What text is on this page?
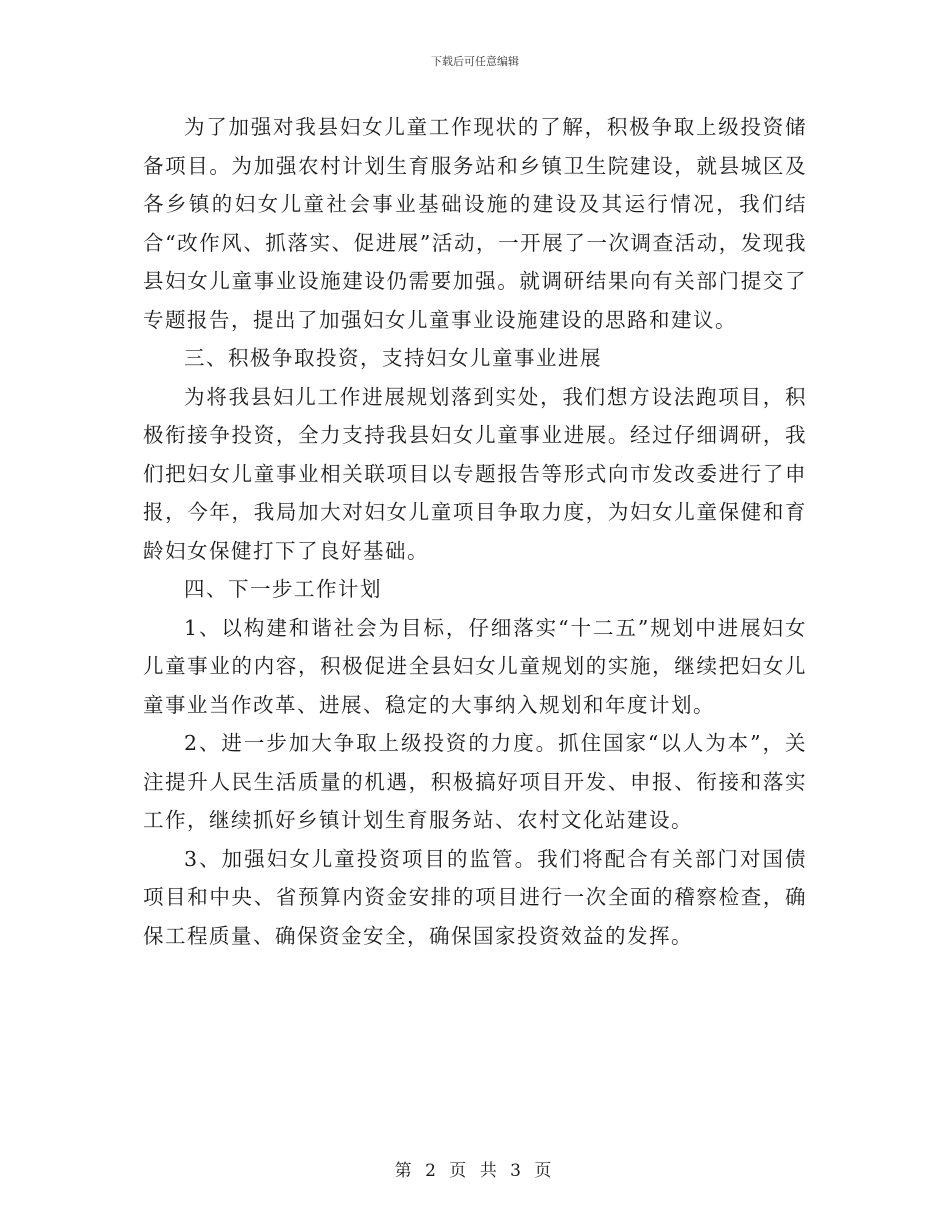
下载后可任意编辑

为了加强对我县妇女儿童工作现状的了解，积极争取上级投资储备项目。为加强农村计划生育服务站和乡镇卫生院建设，就县城区及各乡镇的妇女儿童社会事业基础设施的建设及其运行情况，我们结合“改作风、抓落实、促进展”活动，一开展了一次调查活动，发现我县妇女儿童事业设施建设仍需要加强。就调研结果向有关部门提交了专题报告，提出了加强妇女儿童事业设施建设的思路和建议。

三、积极争取投资，支持妇女儿童事业进展

为将我县妇儿工作进展规划落到实处，我们想方设法跑项目，积极衔接争投资，全力支持我县妇女儿童事业进展。经过仔细调研，我们把妇女儿童事业相关联项目以专题报告等形式向市发改委进行了申报，今年，我局加大对妇女儿童项目争取力度，为妇女儿童保健和育龄妇女保健打下了良好基础。

四、下一步工作计划

1、以构建和谐社会为目标，仔细落实“十二五”规划中进展妇女儿童事业的内容，积极促进全县妇女儿童规划的实施，继续把妇女儿童事业当作改革、进展、稳定的大事纳入规划和年度计划。

2、进一步加大争取上级投资的力度。抓住国家“以人为本”，关注提升人民生活质量的机遇，积极搞好项目开发、申报、衔接和落实工作，继续抓好乡镇计划生育服务站、农村文化站建设。

3、加强妇女儿童投资项目的监管。我们将配合有关部门对国债项目和中央、省预算内资金安排的项目进行一次全面的稽察检查，确保工程质量、确保资金安全，确保国家投资效益的发挥。

第 2 页 共 3 页
